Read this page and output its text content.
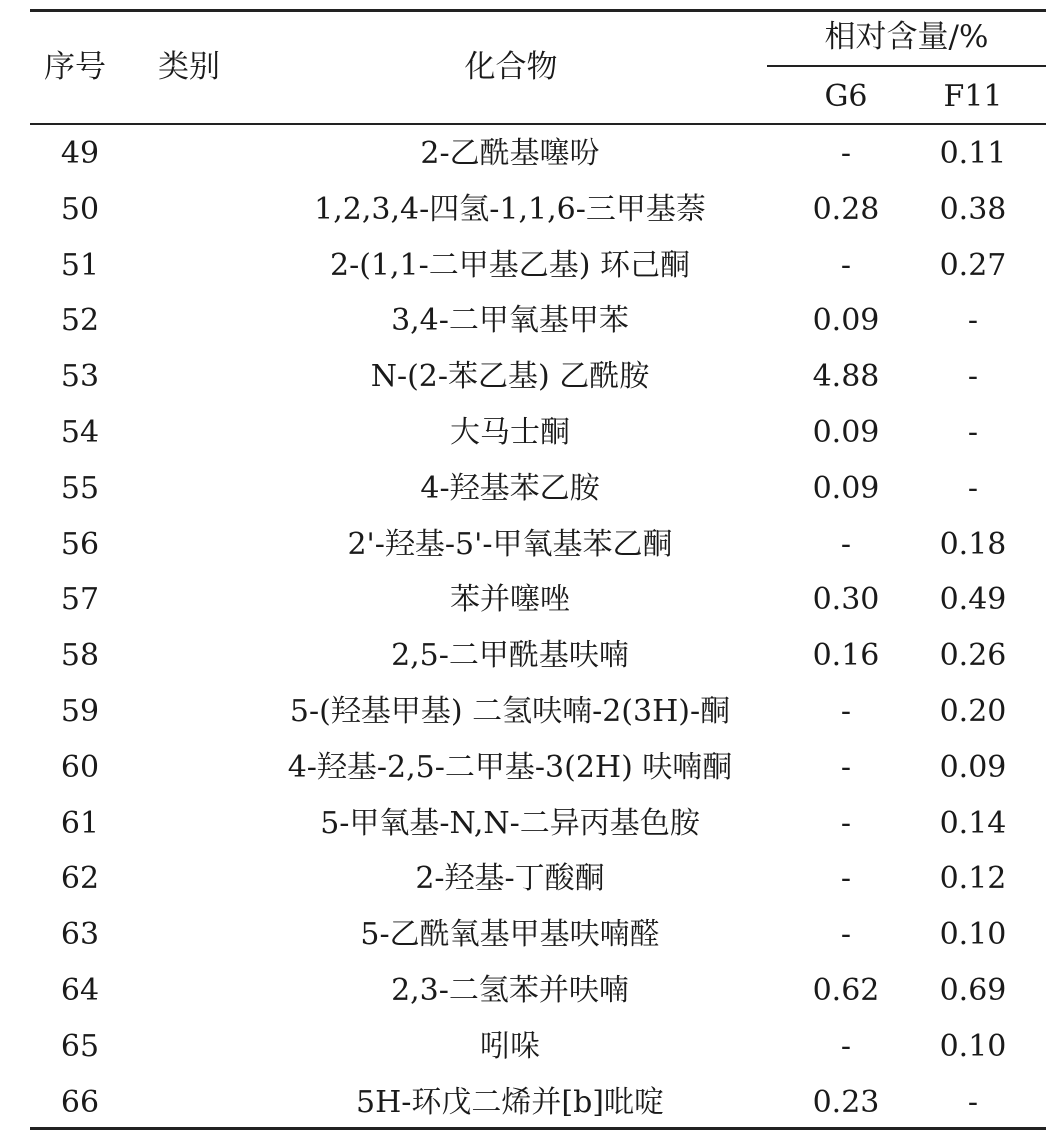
序号 类别	化合物
相对含量/%
G6	F11
49	2-乙酰基噻吩	-	0.11
50	1,2,3,4-四氢-1,1,6-三甲基萘	0.28	0.38
51	2-(1,1-二甲基乙基) 环己酮	-	0.27
52	3,4-二甲氧基甲苯	0.09	-
53	N-(2-苯乙基) 乙酰胺	4.88	-
54	大马士酮	0.09	-
55	4-羟基苯乙胺	0.09	-
56	2'-羟基-5'-甲氧基苯乙酮	-	0.18
57	苯并噻唑	0.30	0.49
58	2,5-二甲酰基呋喃	0.16	0.26
59	5-(羟基甲基) 二氢呋喃-2(3H)-酮	-	0.20
60	4-羟基-2,5-二甲基-3(2H) 呋喃酮	-	0.09
61	5-甲氧基-N,N-二异丙基色胺	-	0.14
62	2-羟基-丁酸酮	-	0.12
63	5-乙酰氧基甲基呋喃醛	-	0.10
64	2,3-二氢苯并呋喃	0.62	0.69
65	吲哚	-	0.10
66	5H-环戊二烯并[b]吡啶	0.23	-
